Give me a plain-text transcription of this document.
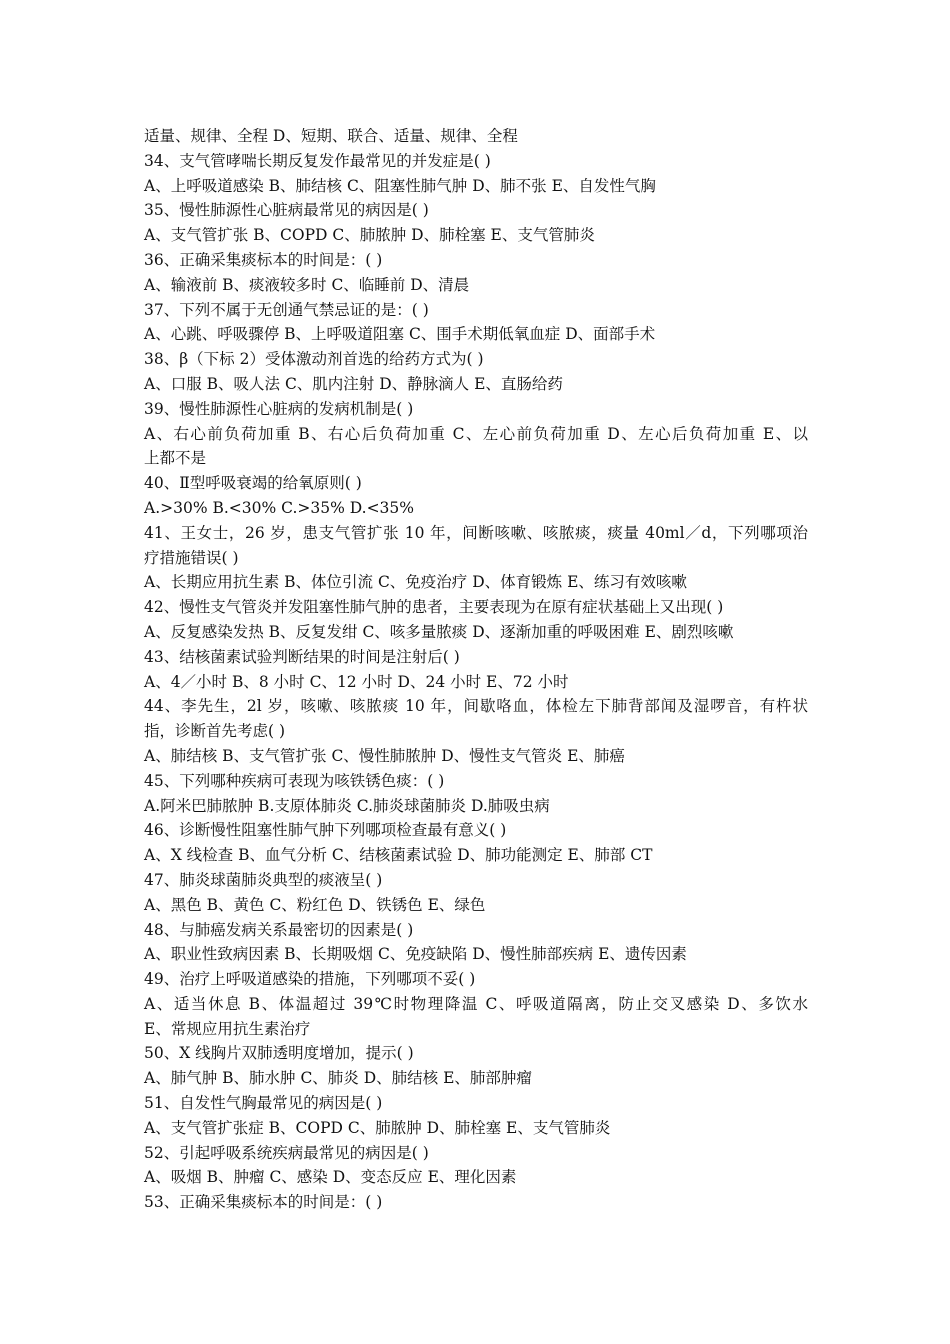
适量、规律、全程 D、短期、联合、适量、规律、全程
34、支气管哮喘长期反复发作最常见的并发症是( )
A、上呼吸道感染 B、肺结核 C、阻塞性肺气肿 D、肺不张 E、自发性气胸
35、慢性肺源性心脏病最常见的病因是( )
A、支气管扩张 B、COPD C、肺脓肿 D、肺栓塞 E、支气管肺炎
36、正确采集痰标本的时间是：( )
A、输液前 B、痰液较多时 C、临睡前 D、清晨
37、下列不属于无创通气禁忌证的是：( )
A、心跳、呼吸骤停 B、上呼吸道阻塞 C、围手术期低氧血症 D、面部手术
38、β（下标 2）受体激动剂首选的给药方式为( )
A、口服 B、吸人法 C、肌内注射 D、静脉滴人 E、直肠给药
39、慢性肺源性心脏病的发病机制是( )
A、右心前负荷加重 B、右心后负荷加重 C、左心前负荷加重 D、左心后负荷加重 E、以
上都不是
40、Ⅱ型呼吸衰竭的给氧原则( )
A.>30% B.<30% C.>35% D.<35%
41、王女士，26 岁，患支气管扩张 10 年，间断咳嗽、咳脓痰，痰量 40ml／d，下列哪项治
疗措施错误( )
A、长期应用抗生素 B、体位引流 C、免疫治疗 D、体育锻炼 E、练习有效咳嗽
42、慢性支气管炎并发阻塞性肺气肿的患者，主要表现为在原有症状基础上又出现( )
A、反复感染发热 B、反复发绀 C、咳多量脓痰 D、逐渐加重的呼吸困难 E、剧烈咳嗽
43、结核菌素试验判断结果的时间是注射后( )
A、4／小时 B、8 小时 C、12 小时 D、24 小时 E、72 小时
44、李先生，2l 岁，咳嗽、咳脓痰 10 年，间歇咯血，体检左下肺背部闻及湿啰音，有杵状
指，诊断首先考虑( )
A、肺结核 B、支气管扩张 C、慢性肺脓肿 D、慢性支气管炎 E、肺癌
45、下列哪种疾病可表现为咳铁锈色痰：( )
A.阿米巴肺脓肿 B.支原体肺炎 C.肺炎球菌肺炎 D.肺吸虫病
46、诊断慢性阻塞性肺气肿下列哪项检查最有意义( )
A、X 线检查 B、血气分析 C、结核菌素试验 D、肺功能测定 E、肺部 CT
47、肺炎球菌肺炎典型的痰液呈( )
A、黑色 B、黄色 C、粉红色 D、铁锈色 E、绿色
48、与肺癌发病关系最密切的因素是( )
A、职业性致病因素 B、长期吸烟 C、免疫缺陷 D、慢性肺部疾病 E、遗传因素
49、治疗上呼吸道感染的措施，下列哪项不妥( )
A、适当休息 B、体温超过 39℃时物理降温 C、呼吸道隔离，防止交叉感染 D、多饮水
E、常规应用抗生素治疗
50、X 线胸片双肺透明度增加，提示( )
A、肺气肿 B、肺水肿 C、肺炎 D、肺结核 E、肺部肿瘤
51、自发性气胸最常见的病因是( )
A、支气管扩张症 B、COPD C、肺脓肿 D、肺栓塞 E、支气管肺炎
52、引起呼吸系统疾病最常见的病因是( )
A、吸烟 B、肿瘤 C、感染 D、变态反应 E、理化因素
53、正确采集痰标本的时间是：( )
